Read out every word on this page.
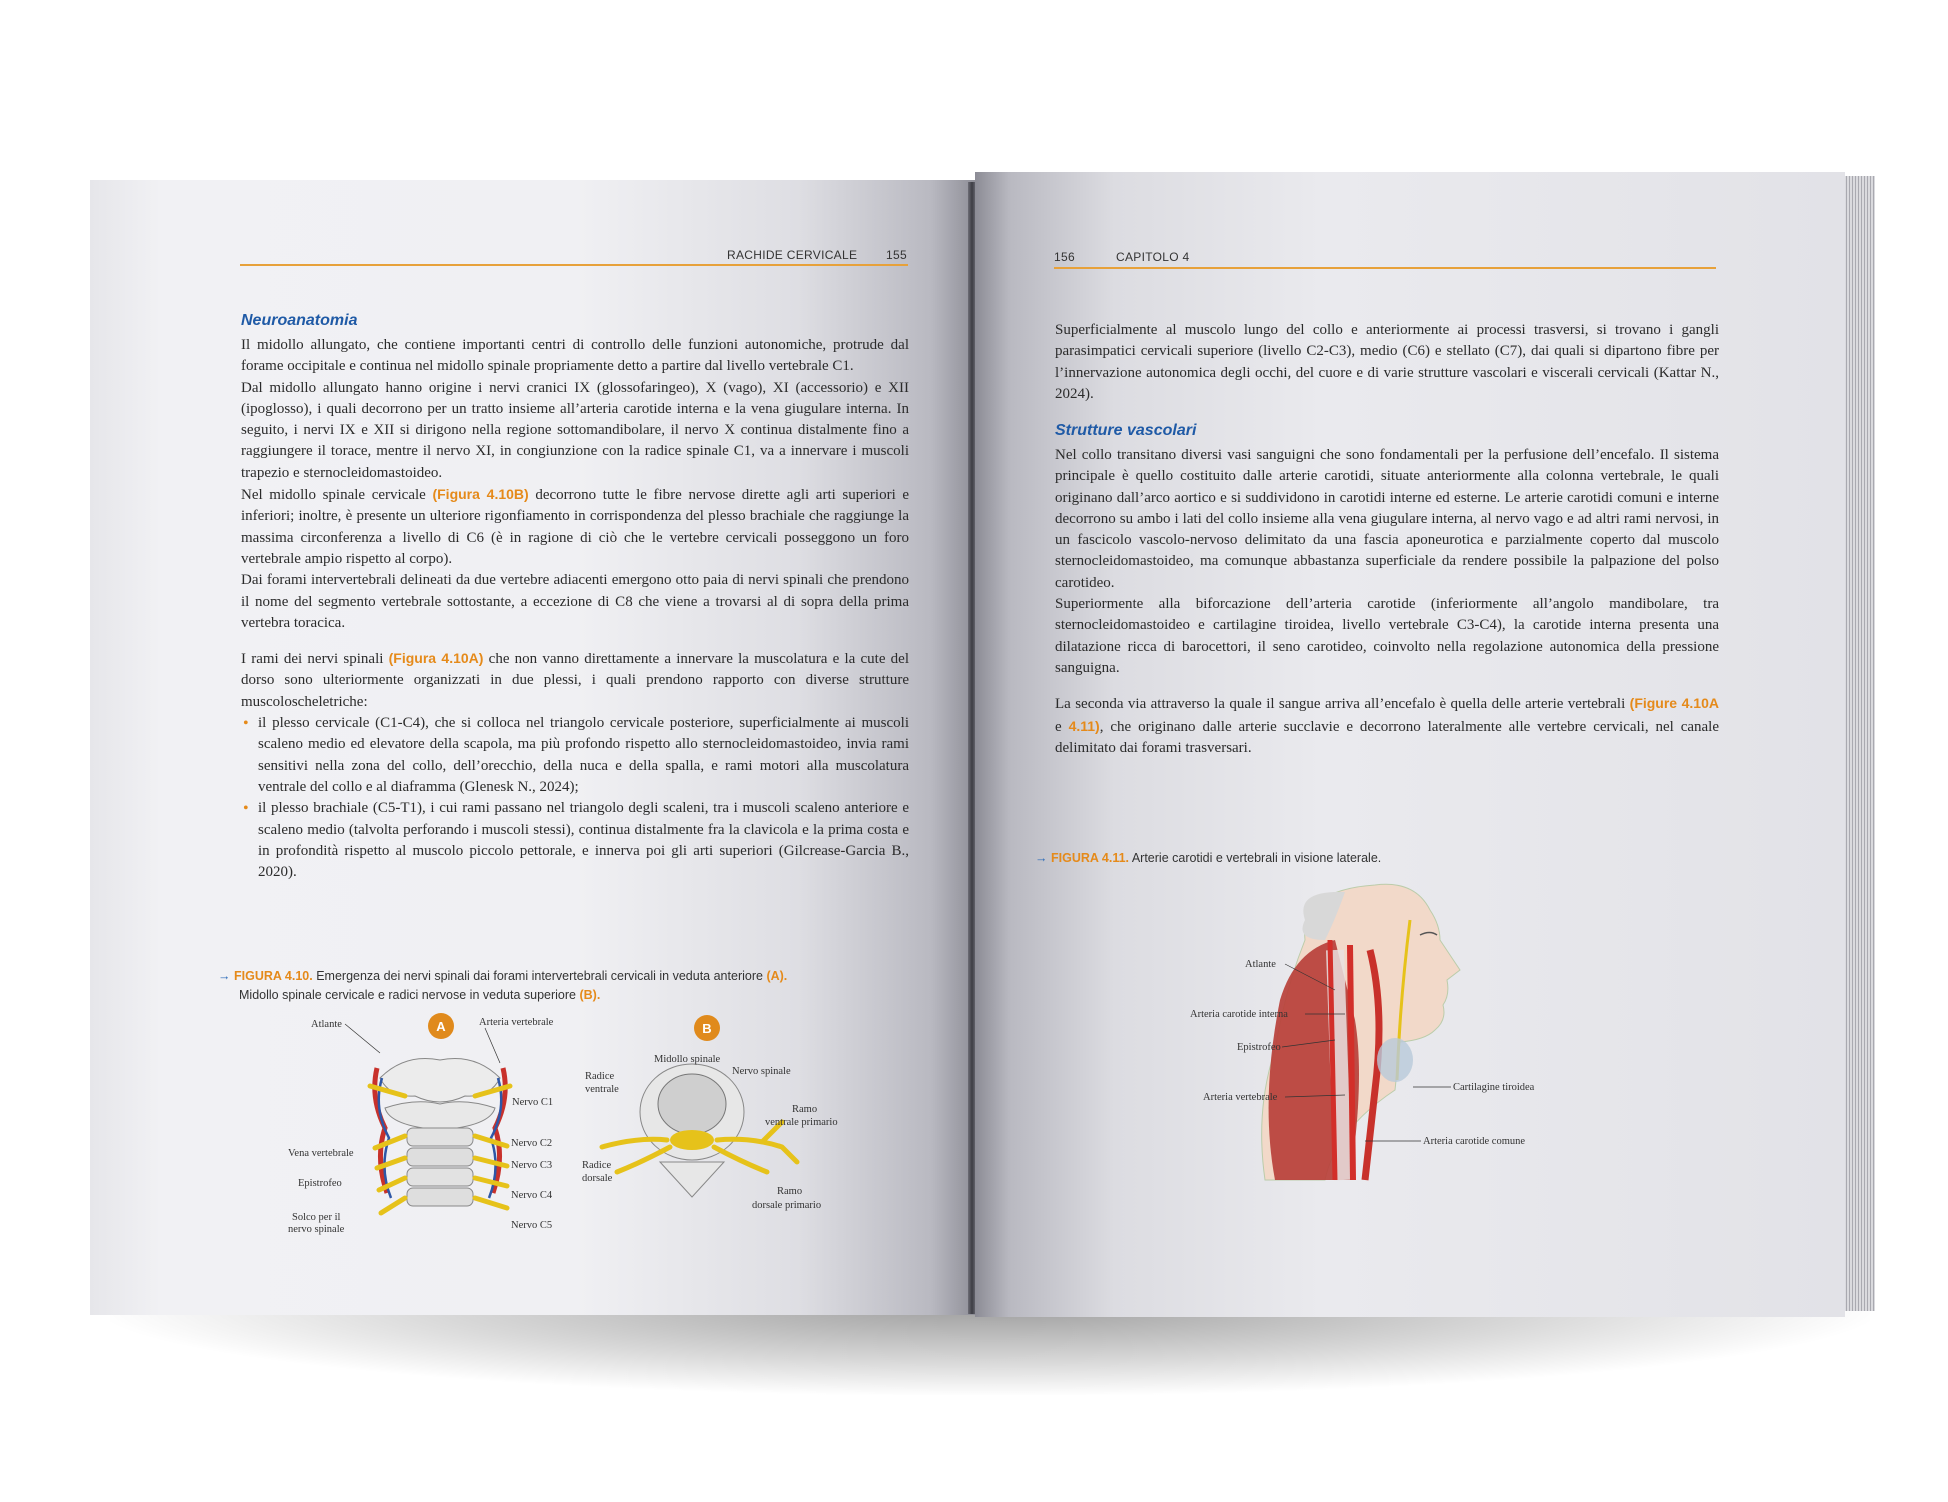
RACHIDE CERVICALE 155
Neuroanatomia

Il midollo allungato, che contiene importanti centri di controllo delle funzioni autonomiche, protrude dal forame occipitale e continua nel midollo spinale propriamente detto a partire dal livello vertebrale C1.

Dal midollo allungato hanno origine i nervi cranici IX (glossofaringeo), X (vago), XI (accessorio) e XII (ipoglosso), i quali decorrono per un tratto insieme all’arteria carotide interna e la vena giugulare interna. In seguito, i nervi IX e XII si dirigono nella regione sottomandibolare, il nervo X continua distalmente fino a raggiungere il torace, mentre il nervo XI, in congiunzione con la radice spinale C1, va a innervare i muscoli trapezio e sternocleidomastoideo.

Nel midollo spinale cervicale (Figura 4.10B) decorrono tutte le fibre nervose dirette agli arti superiori e inferiori; inoltre, è presente un ulteriore rigonfiamento in corrispondenza del plesso brachiale che raggiunge la massima circonferenza a livello di C6 (è in ragione di ciò che le vertebre cervicali posseggono un foro vertebrale ampio rispetto al corpo).

Dai forami intervertebrali delineati da due vertebre adiacenti emergono otto paia di nervi spinali che prendono il nome del segmento vertebrale sottostante, a eccezione di C8 che viene a trovarsi al di sopra della prima vertebra toracica.

I rami dei nervi spinali (Figura 4.10A) che non vanno direttamente a innervare la muscolatura e la cute del dorso sono ulteriormente organizzati in due plessi, i quali prendono rapporto con diverse strutture muscoloscheletriche:

• il plesso cervicale (C1-C4), che si colloca nel triangolo cervicale posteriore, superficialmente ai muscoli scaleno medio ed elevatore della scapola, ma più profondo rispetto allo sternocleidomastoideo, invia rami sensitivi nella zona del collo, dell’orecchio, della nuca e della spalla, e rami motori alla muscolatura ventrale del collo e al diaframma (Glenesk N., 2024);
• il plesso brachiale (C5-T1), i cui rami passano nel triangolo degli scaleni, tra i muscoli scaleno anteriore e scaleno medio (talvolta perforando i muscoli stessi), continua distalmente fra la clavicola e la prima costa e in profondità rispetto al muscolo piccolo pettorale, e innerva poi gli arti superiori (Gilcrease-Garcia B., 2020).
→ FIGURA 4.10. Emergenza dei nervi spinali dai forami intervertebrali cervicali in veduta anteriore (A).
Midollo spinale cervicale e radici nervose in veduta superiore (B).
A
Atlante	Arteria vertebrale
Nervo C1
Nervo C2
Vena vertebrale
Nervo C3
Epistrofeo
Nervo C4
Solco per il
nervo spinale	Nervo C5
B
Midollo spinale
Nervo spinale
Radice
ventrale
Ramo
ventrale primario
Radice
dorsale
Ramo
dorsale primario
156	CAPITOLO 4

Superficialmente al muscolo lungo del collo e anteriormente ai processi trasversi, si trovano i gangli parasimpatici cervicali superiore (livello C2-C3), medio (C6) e stellato (C7), dai quali si dipartono fibre per l’innervazione autonomica degli occhi, del cuore e di varie strutture vascolari e viscerali cervicali (Kattar N., 2024).

Strutture vascolari

Nel collo transitano diversi vasi sanguigni che sono fondamentali per la perfusione dell’encefalo. Il sistema principale è quello costituito dalle arterie carotidi, situate anteriormente alla colonna vertebrale, le quali originano dall’arco aortico e si suddividono in carotidi interne ed esterne. Le arterie carotidi comuni e interne decorrono su ambo i lati del collo insieme alla vena giugulare interna, al nervo vago e ad altri rami nervosi, in un fascicolo vascolo-nervoso delimitato da una fascia aponeurotica e parzialmente coperto dal muscolo sternocleidomastoideo, ma comunque abbastanza superficiale da rendere possibile la palpazione del polso carotideo.

Superiormente alla biforcazione dell’arteria carotide (inferiormente all’angolo mandibolare, tra sternocleidomastoideo e cartilagine tiroidea, livello vertebrale C3-C4), la carotide interna presenta una dilatazione ricca di barocettori, il seno carotideo, coinvolto nella regolazione autonomica della pressione sanguigna.

La seconda via attraverso la quale il sangue arriva all’encefalo è quella delle arterie vertebrali (Figure 4.10A e 4.11), che originano dalle arterie succlavie e decorrono lateralmente alle vertebre cervicali, nel canale delimitato dai forami trasversari.

→ FIGURA 4.11. Arterie carotidi e vertebrali in visione laterale.
Atlante
Arteria carotide interna
Epistrofeo
Arteria vertebrale
Cartilagine tiroidea
Arteria carotide comune
